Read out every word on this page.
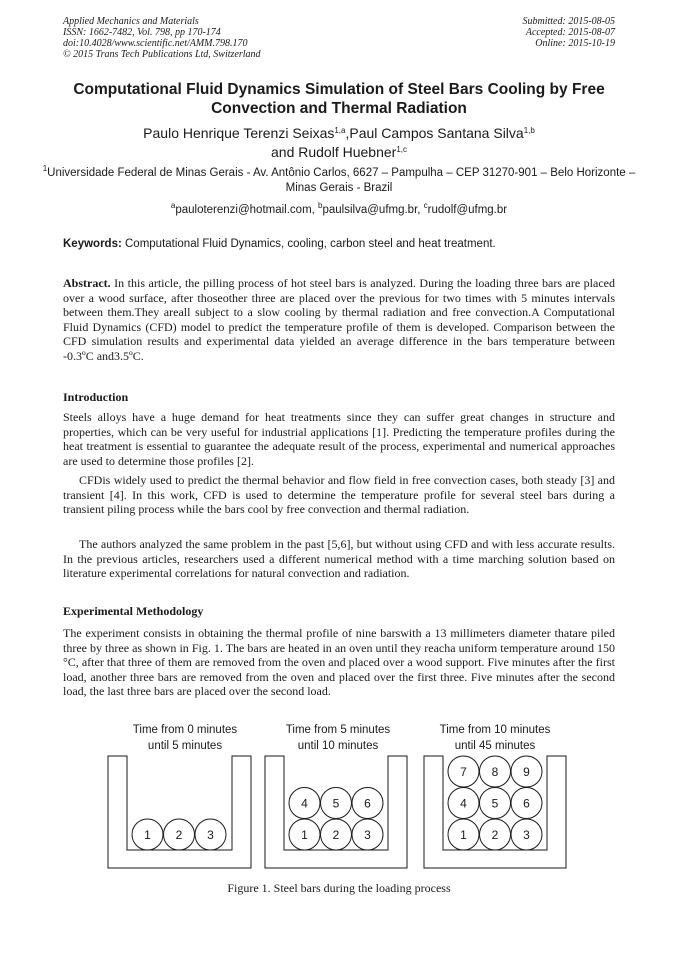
Applied Mechanics and Materials
ISSN: 1662-7482, Vol. 798, pp 170-174
doi:10.4028/www.scientific.net/AMM.798.170
© 2015 Trans Tech Publications Ltd, Switzerland
Submitted: 2015-08-05
Accepted: 2015-08-07
Online: 2015-10-19
Computational Fluid Dynamics Simulation of Steel Bars Cooling by Free Convection and Thermal Radiation
Paulo Henrique Terenzi Seixas$^{1,a}$,Paul Campos Santana Silva$^{1,b}$
and Rudolf Huebner$^{1,c}$
$^1$Universidade Federal de Minas Gerais - Av. Antônio Carlos, 6627 – Pampulha – CEP 31270-901 – Belo Horizonte – Minas Gerais - Brazil
$^a$pauloterenzi@hotmail.com, $^b$paulsilva@ufmg.br, $^c$rudolf@ufmg.br
Keywords: Computational Fluid Dynamics, cooling, carbon steel and heat treatment.

Abstract. In this article, the pilling process of hot steel bars is analyzed. During the loading three bars are placed over a wood surface, after thoseother three are placed over the previous for two times with 5 minutes intervals between them.They areall subject to a slow cooling by thermal radiation and free convection.A Computational Fluid Dynamics (CFD) model to predict the temperature profile of them is developed. Comparison between the CFD simulation results and experimental data yielded an average difference in the bars temperature between -0.3ºC and3.5ºC.

Introduction

Steels alloys have a huge demand for heat treatments since they can suffer great changes in structure and properties, which can be very useful for industrial applications [1]. Predicting the temperature profiles during the heat treatment is essential to guarantee the adequate result of the process, experimental and numerical approaches are used to determine those profiles [2].

CFDis widely used to predict the thermal behavior and flow field in free convection cases, both steady [3] and transient [4]. In this work, CFD is used to determine the temperature profile for several steel bars during a transient piling process while the bars cool by free convection and thermal radiation.

The authors analyzed the same problem in the past [5,6], but without using CFD and with less accurate results. In the previous articles, researchers used a different numerical method with a time marching solution based on literature experimental correlations for natural convection and radiation.

Experimental Methodology

The experiment consists in obtaining the thermal profile of nine barswith a 13 millimeters diameter thatare piled three by three as shown in Fig. 1. The bars are heated in an oven until they reacha uniform temperature around 150 °C, after that three of them are removed from the oven and placed over a wood support. Five minutes after the first load, another three bars are removed from the oven and placed over the first three. Five minutes after the second load, the last three bars are placed over the second load.

Time from 0 minutes
until 5 minutes
Time from 5 minutes
until 10 minutes
Time from 10 minutes
until 45 minutes
1 2 3	1 2 3
4 5 6
1 2 3
4 5 6
7 8 9
Figure 1. Steel bars during the loading process
